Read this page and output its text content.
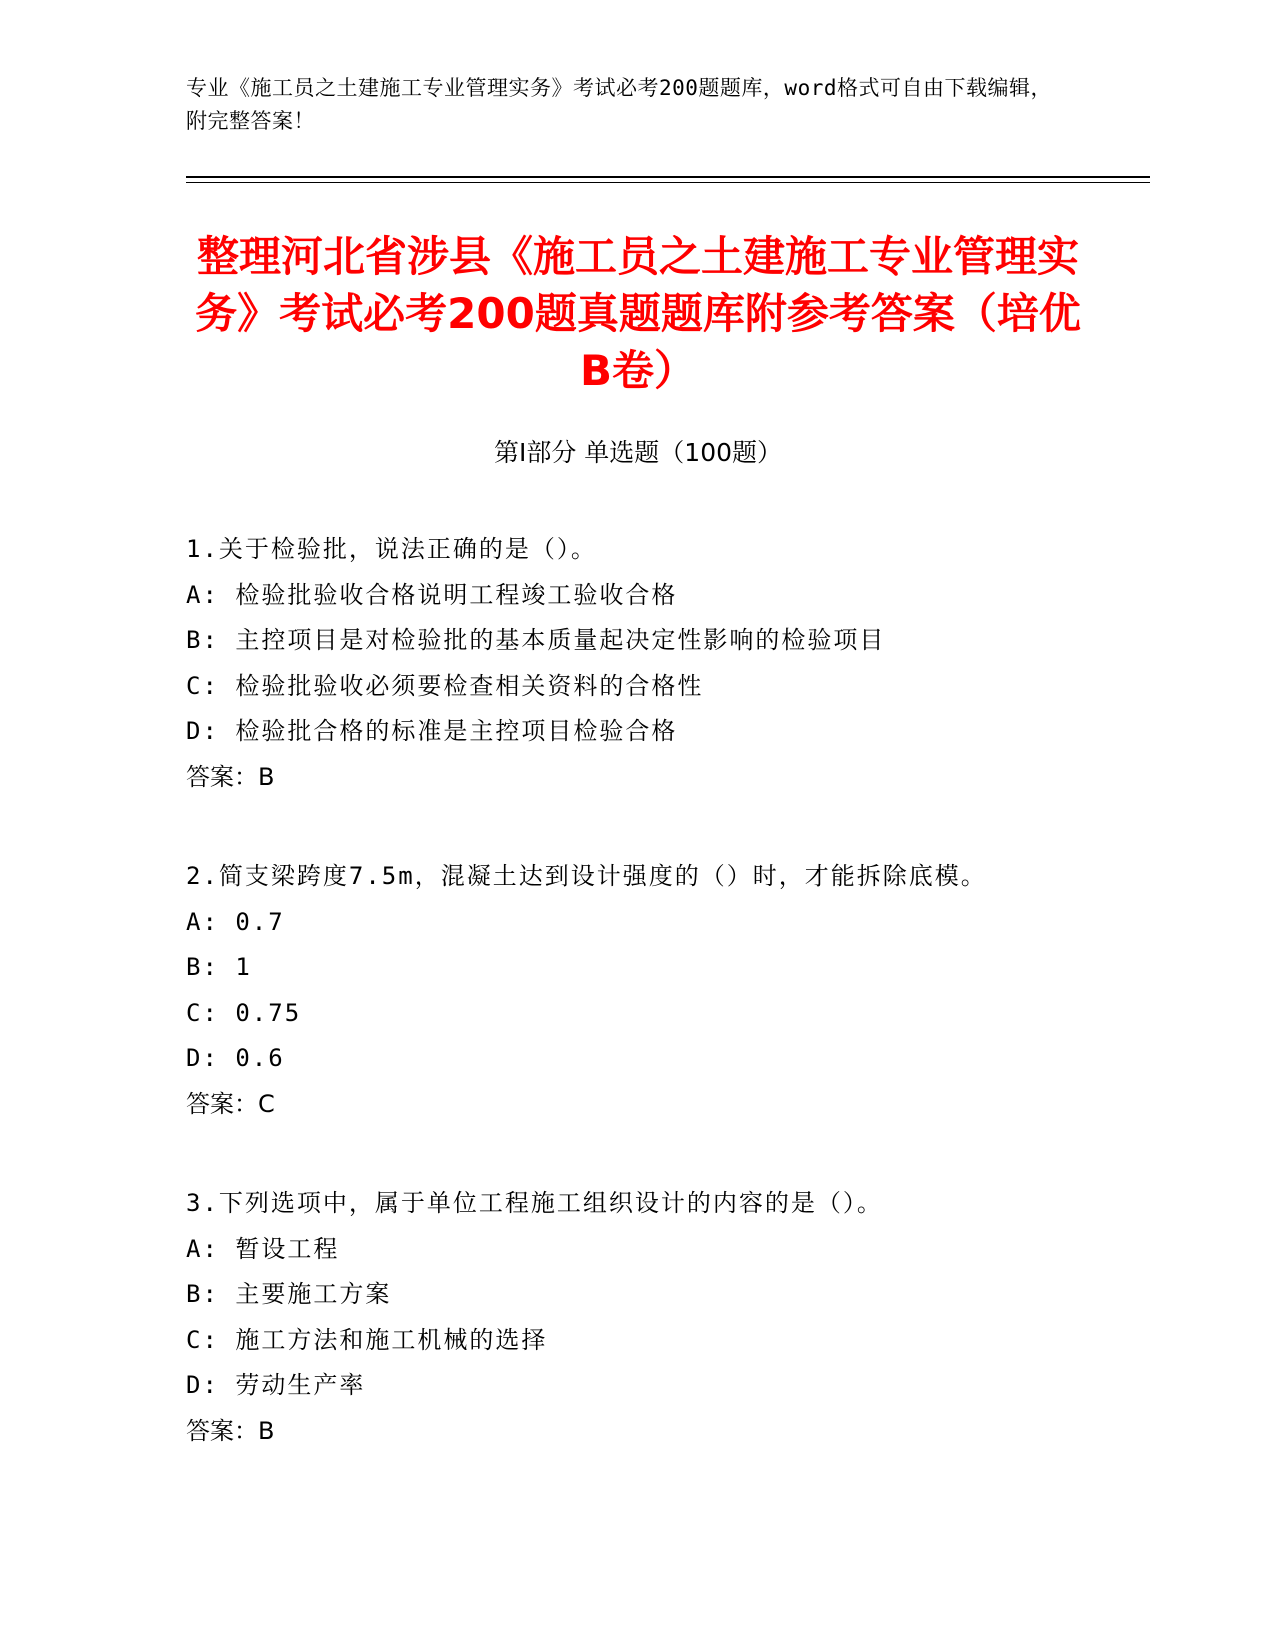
专业《施工员之土建施工专业管理实务》考试必考200题题库，word格式可自由下载编辑，附完整答案！
整理河北省涉县《施工员之土建施工专业管理实务》考试必考200题真题题库附参考答案（培优B卷）
第I部分 单选题（100题）
1.关于检验批，说法正确的是（）。
A: 检验批验收合格说明工程竣工验收合格
B: 主控项目是对检验批的基本质量起决定性影响的检验项目
C: 检验批验收必须要检查相关资料的合格性
D: 检验批合格的标准是主控项目检验合格
答案：B
2.简支梁跨度7.5m，混凝土达到设计强度的（）时，才能拆除底模。
A: 0.7
B: 1
C: 0.75
D: 0.6
答案：C
3.下列选项中，属于单位工程施工组织设计的内容的是（）。
A: 暂设工程
B: 主要施工方案
C: 施工方法和施工机械的选择
D: 劳动生产率
答案：B
